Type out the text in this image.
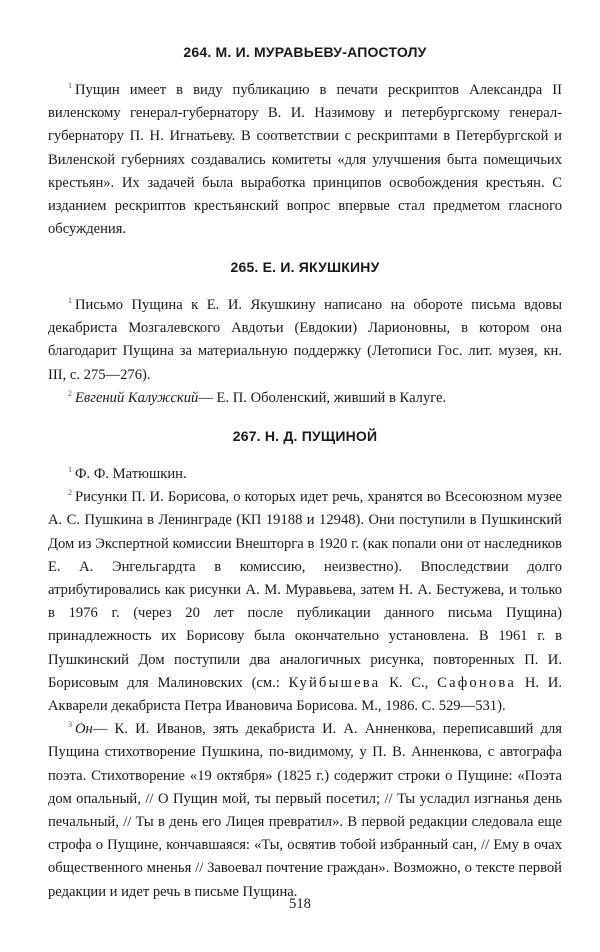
264. М. И. МУРАВЬЕВУ-АПОСТОЛУ

$^1$ Пущин имеет в виду публикацию в печати рескриптов Александра II виленскому генерал-губернатору В. И. Назимову и петербургскому генерал-губернатору П. Н. Игнатьеву. В соответствии с рескриптами в Петербургской и Виленской губерниях создавались комитеты «для улучшения быта помещичьих крестьян». Их задачей была выработка принципов освобождения крестьян. С изданием рескриптов крестьянский вопрос впервые стал предметом гласного обсуждения.

265. Е. И. ЯКУШКИНУ

$^1$ Письмо Пущина к Е. И. Якушкину написано на обороте письма вдовы декабриста Мозгалевского Авдотьи (Евдокии) Ларионовны, в котором она благодарит Пущина за материальную поддержку (Летописи Гос. лит. музея, кн. III, с. 275—276).

$^2$ Евгений Калужский— Е. П. Оболенский, живший в Калуге.

267. Н. Д. ПУЩИНОЙ

$^1$ Ф. Ф. Матюшкин.

$^2$ Рисунки П. И. Борисова, о которых идет речь, хранятся во Всесоюзном музее А. С. Пушкина в Ленинграде (КП 19188 и 12948). Они поступили в Пушкинский Дом из Экспертной комиссии Внешторга в 1920 г. (как попали они от наследников Е. А. Энгельгардта в комиссию, неизвестно). Впоследствии долго атрибутировались как рисунки А. М. Муравьева, затем Н. А. Бестужева, и только в 1976 г. (через 20 лет после публикации данного письма Пущина) принадлежность их Борисову была окончательно установлена. В 1961 г. в Пушкинский Дом поступили два аналогичных рисунка, повторенных П. И. Борисовым для Малиновских (см.: Куйбышева К. С., Сафонова Н. И. Акварели декабриста Петра Ивановича Борисова. М., 1986. С. 529—531).

$^3$ Он— К. И. Иванов, зять декабриста И. А. Анненкова, переписавший для Пущина стихотворение Пушкина, по-видимому, у П. В. Анненкова, с автографа поэта. Стихотворение «19 октября» (1825 г.) содержит строки о Пущине: «Поэта дом опальный, // О Пущин мой, ты первый посетил; // Ты усладил изгнанья день печальный, // Ты в день его Лицея превратил». В первой редакции следовала еще строфа о Пущине, кончавшаяся: «Ты, освятив тобой избранный сан, // Ему в очах общественного мненья // Завоевал почтение граждан». Возможно, о тексте первой редакции и идет речь в письме Пущина.

518
